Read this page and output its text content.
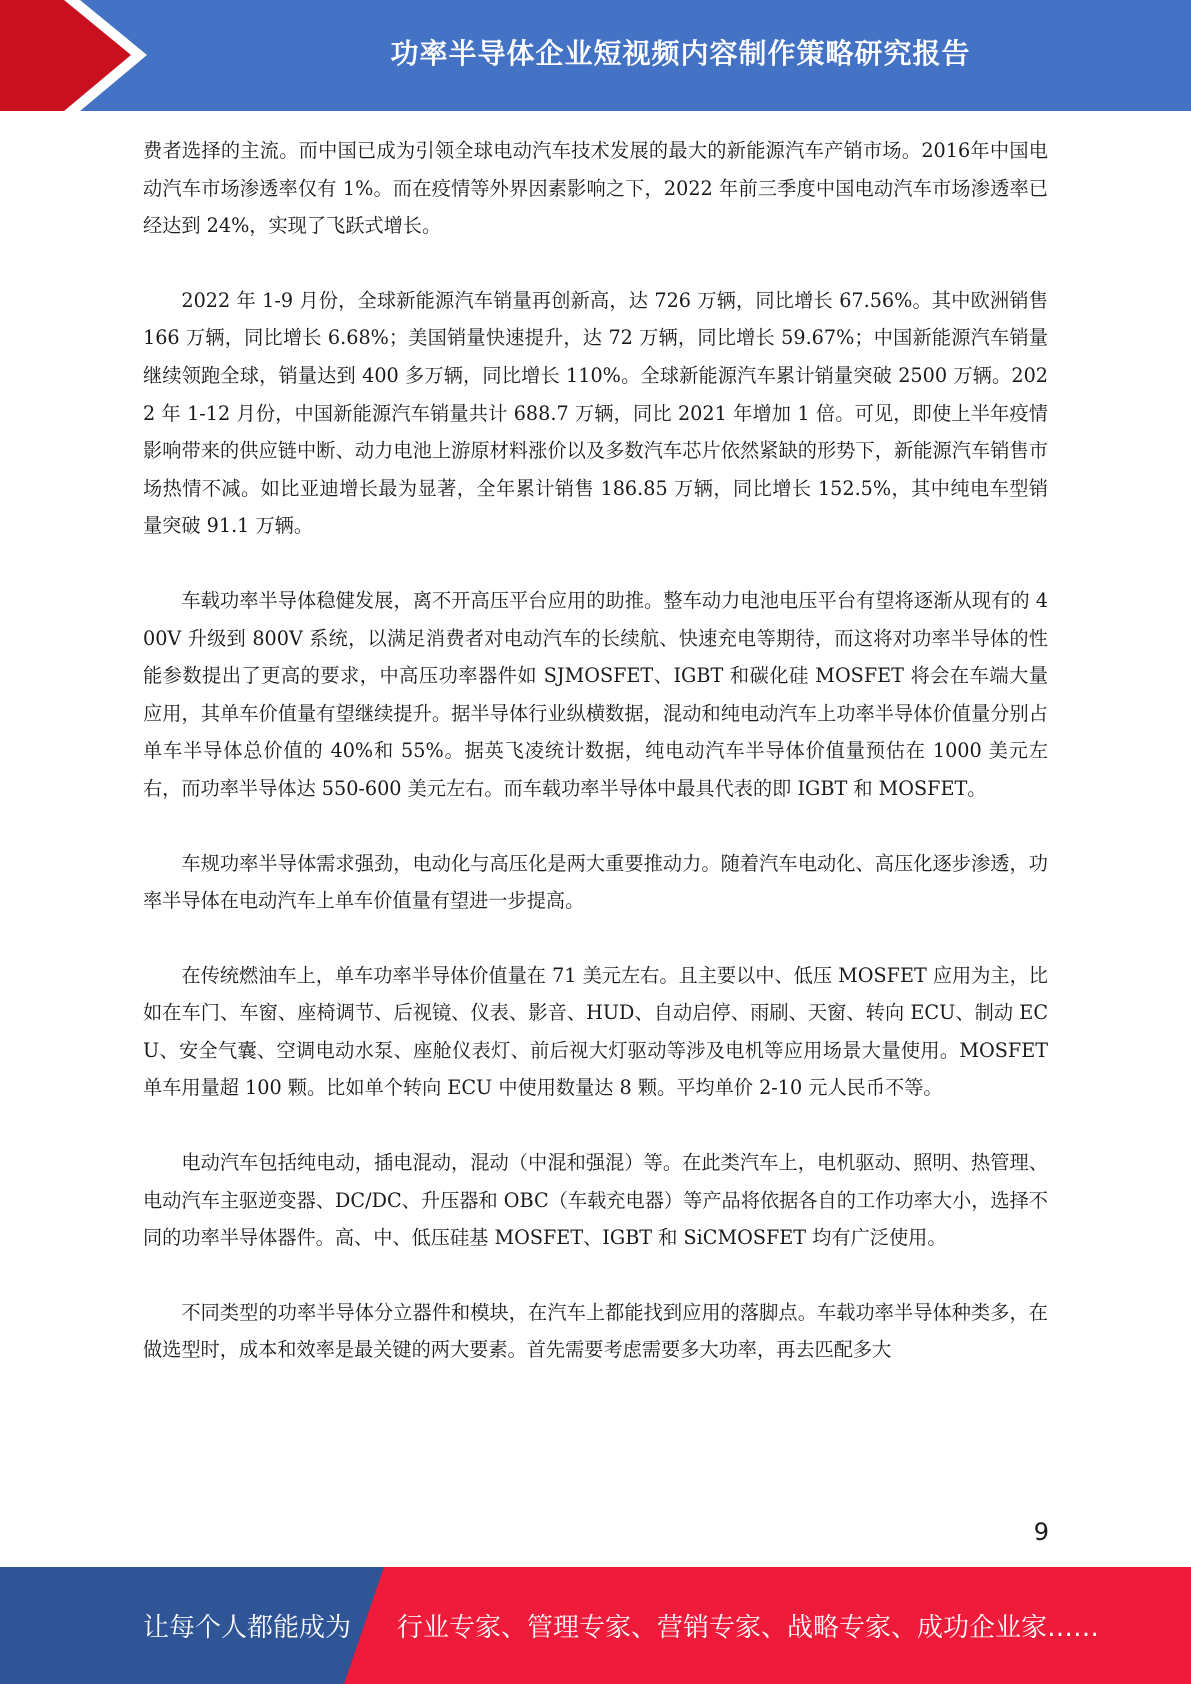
功率半导体企业短视频内容制作策略研究报告

费者选择的主流。而中国已成为引领全球电动汽车技术发展的最大的新能源汽车产销市场。2016年中国电动汽车市场渗透率仅有 1%。而在疫情等外界因素影响之下，2022 年前三季度中国电动汽车市场渗透率已经达到 24%，实现了飞跃式增长。

2022 年 1-9 月份，全球新能源汽车销量再创新高，达 726 万辆，同比增长 67.56%。其中欧洲销售 166 万辆，同比增长 6.68%；美国销量快速提升，达 72 万辆，同比增长 59.67%；中国新能源汽车销量继续领跑全球，销量达到 400 多万辆，同比增长 110%。全球新能源汽车累计销量突破 2500 万辆。2022 年 1-12 月份，中国新能源汽车销量共计 688.7 万辆，同比 2021 年增加 1 倍。可见，即使上半年疫情影响带来的供应链中断、动力电池上游原材料涨价以及多数汽车芯片依然紧缺的形势下，新能源汽车销售市场热情不减。如比亚迪增长最为显著，全年累计销售 186.85 万辆，同比增长 152.5%，其中纯电车型销量突破 91.1 万辆。

车载功率半导体稳健发展，离不开高压平台应用的助推。整车动力电池电压平台有望将逐渐从现有的 400V 升级到 800V 系统，以满足消费者对电动汽车的长续航、快速充电等期待，而这将对功率半导体的性能参数提出了更高的要求，中高压功率器件如 SJMOSFET、IGBT 和碳化硅 MOSFET 将会在车端大量应用，其单车价值量有望继续提升。据半导体行业纵横数据，混动和纯电动汽车上功率半导体价值量分别占单车半导体总价值的 40%和 55%。据英飞凌统计数据，纯电动汽车半导体价值量预估在 1000 美元左右，而功率半导体达 550-600 美元左右。而车载功率半导体中最具代表的即 IGBT 和 MOSFET。

车规功率半导体需求强劲，电动化与高压化是两大重要推动力。随着汽车电动化、高压化逐步渗透，功率半导体在电动汽车上单车价值量有望进一步提高。

在传统燃油车上，单车功率半导体价值量在 71 美元左右。且主要以中、低压 MOSFET 应用为主，比如在车门、车窗、座椅调节、后视镜、仪表、影音、HUD、自动启停、雨刷、天窗、转向 ECU、制动 ECU、安全气囊、空调电动水泵、座舱仪表灯、前后视大灯驱动等涉及电机等应用场景大量使用。MOSFET 单车用量超 100 颗。比如单个转向 ECU 中使用数量达 8 颗。平均单价 2-10 元人民币不等。

电动汽车包括纯电动，插电混动，混动（中混和强混）等。在此类汽车上，电机驱动、照明、热管理、电动汽车主驱逆变器、DC/DC、升压器和 OBC（车载充电器）等产品将依据各自的工作功率大小，选择不同的功率半导体器件。高、中、低压硅基 MOSFET、IGBT 和 SiCMOSFET 均有广泛使用。

不同类型的功率半导体分立器件和模块，在汽车上都能找到应用的落脚点。车载功率半导体种类多，在做选型时，成本和效率是最关键的两大要素。首先需要考虑需要多大功率，再去匹配多大

9
让每个人都能成为 行业专家、管理专家、营销专家、战略专家、成功企业家……
